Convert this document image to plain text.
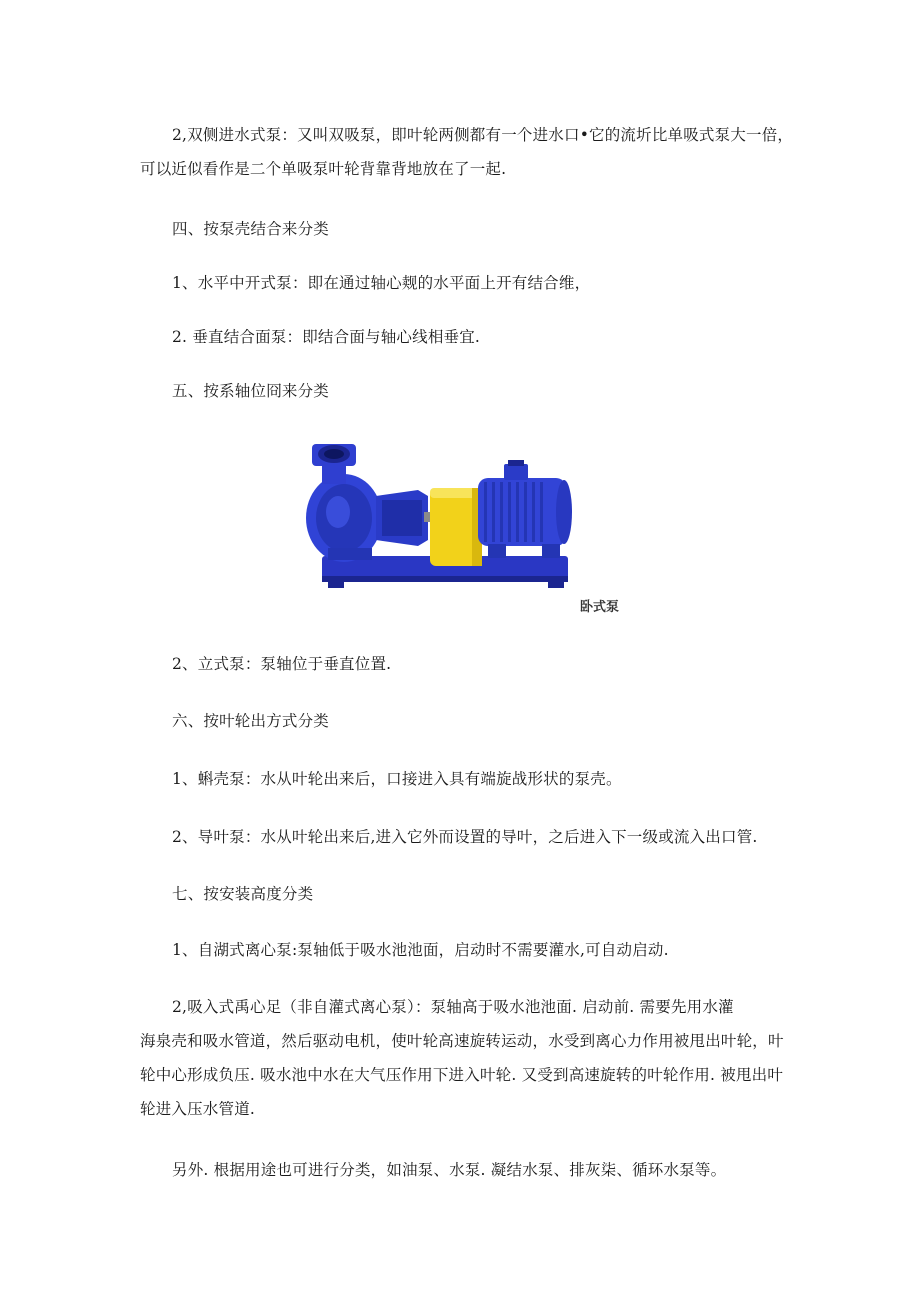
2,双侧进水式泵：又叫双吸泵，即叶轮两侧都有一个进水口•它的流圻比单吸式泵大一倍，
可以近似看作是二个单吸泵叶轮背靠背地放在了一起.
四、按泵壳结合来分类
1、水平中开式泵：即在通过轴心觌的水平面上开有结合维，
2. 垂直结合面泵：即结合面与轴心线相垂宜.
五、按系轴位冏来分类
卧式泵
2、立式泵：泵轴位于垂直位置.
六、按叶轮出方式分类
1、蝌壳泵：水从叶轮出来后，口接进入具有端旋战形状的泵壳。
2、导叶泵：水从叶轮出来后,进入它外而设置的导叶，之后进入下一级或流入出口管.
七、按安装高度分类
1、自湖式离心泵:泵轴低于吸水池池面，启动时不需要灌水,可自动启动.
2,吸入式禹心足（非自灌式离心泵）：泵轴高于吸水池池面. 启动前. 需要先用水灌
海泉壳和吸水管道，然后驱动电机，使叶轮高速旋转运动，水受到离心力作用被甩出叶轮，叶
轮中心形成负压. 吸水池中水在大气压作用下进入叶轮. 又受到高速旋转的叶轮作用. 被甩出叶
轮进入压水管道.
另外. 根据用途也可进行分类，如油泵、水泵. 凝结水泵、排灰柒、循环水泵等。
